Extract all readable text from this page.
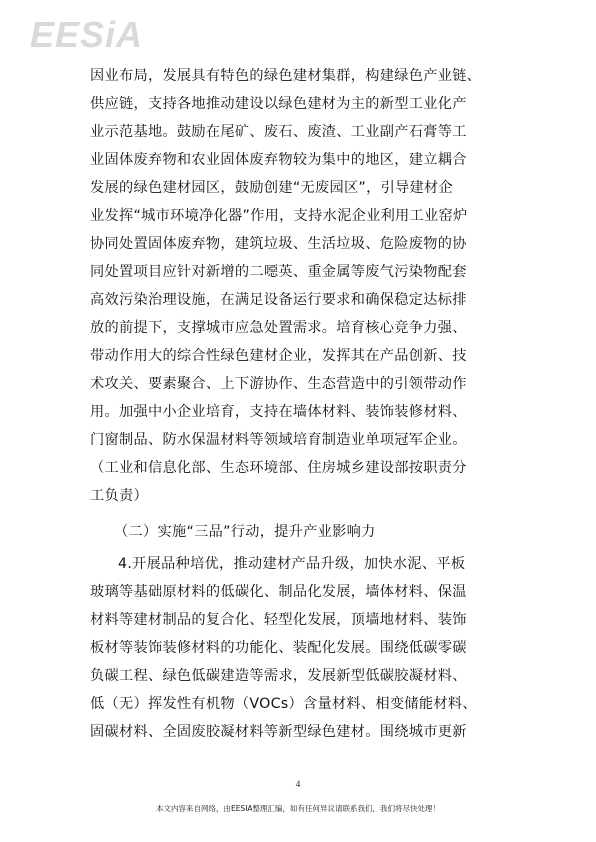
EESiA
因业布局，发展具有特色的绿色建材集群，构建绿色产业链、
供应链，支持各地推动建设以绿色建材为主的新型工业化产
业示范基地。鼓励在尾矿、废石、废渣、工业副产石膏等工
业固体废弃物和农业固体废弃物较为集中的地区，建立耦合
发展的绿色建材园区，鼓励创建“无废园区”，引导建材企
业发挥“城市环境净化器”作用，支持水泥企业利用工业窑炉
协同处置固体废弃物，建筑垃圾、生活垃圾、危险废物的协
同处置项目应针对新增的二噁英、重金属等废气污染物配套
高效污染治理设施，在满足设备运行要求和确保稳定达标排
放的前提下，支撑城市应急处置需求。培育核心竞争力强、
带动作用大的综合性绿色建材企业，发挥其在产品创新、技
术攻关、要素聚合、上下游协作、生态营造中的引领带动作
用。加强中小企业培育，支持在墙体材料、装饰装修材料、
门窗制品、防水保温材料等领域培育制造业单项冠军企业。
（工业和信息化部、生态环境部、住房城乡建设部按职责分
工负责）
（二）实施“三品”行动，提升产业影响力
4.开展品种培优，推动建材产品升级，加快水泥、平板
玻璃等基础原材料的低碳化、制品化发展，墙体材料、保温
材料等建材制品的复合化、轻型化发展，顶墙地材料、装饰
板材等装饰装修材料的功能化、装配化发展。围绕低碳零碳
负碳工程、绿色低碳建造等需求，发展新型低碳胶凝材料、
低（无）挥发性有机物（VOCs）含量材料、相变储能材料、
固碳材料、全固废胶凝材料等新型绿色建材。围绕城市更新
4
本文内容来自网络，由EESIA整理汇编，如有任何异议请联系我们，我们将尽快处理！
